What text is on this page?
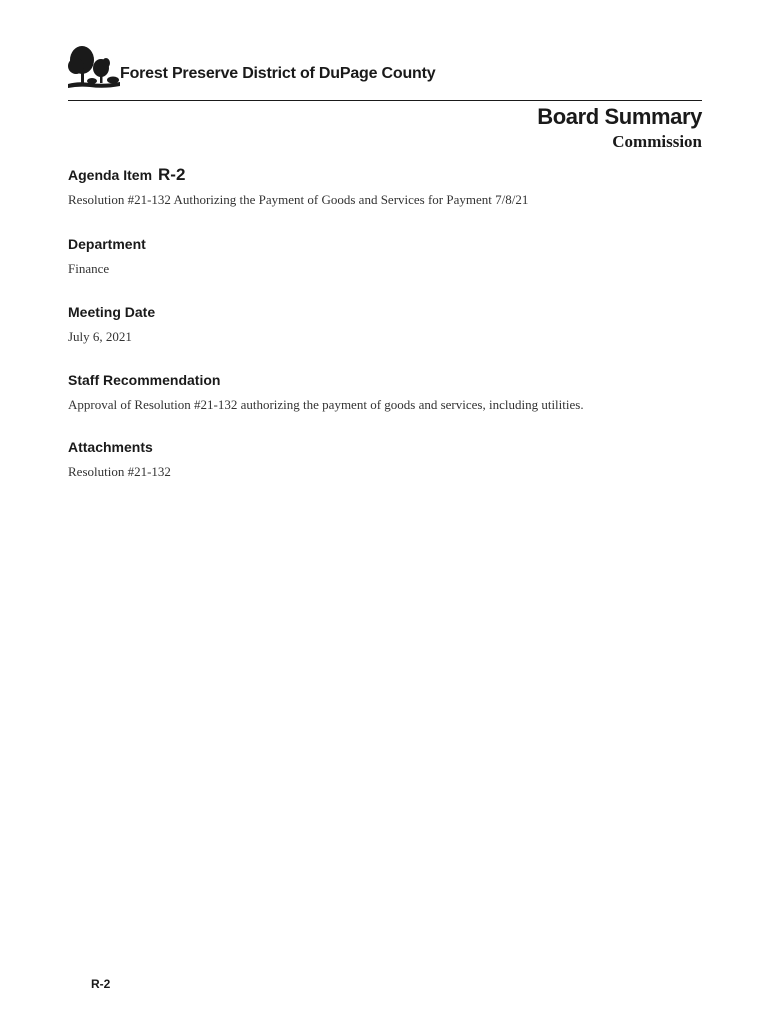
Forest Preserve District of DuPage County
Board Summary
Commission
Agenda Item R-2
Resolution #21-132 Authorizing the Payment of Goods and Services for Payment 7/8/21
Department
Finance
Meeting Date
July 6, 2021
Staff Recommendation
Approval of Resolution #21-132 authorizing the payment of goods and services, including utilities.
Attachments
Resolution #21-132
R-2
